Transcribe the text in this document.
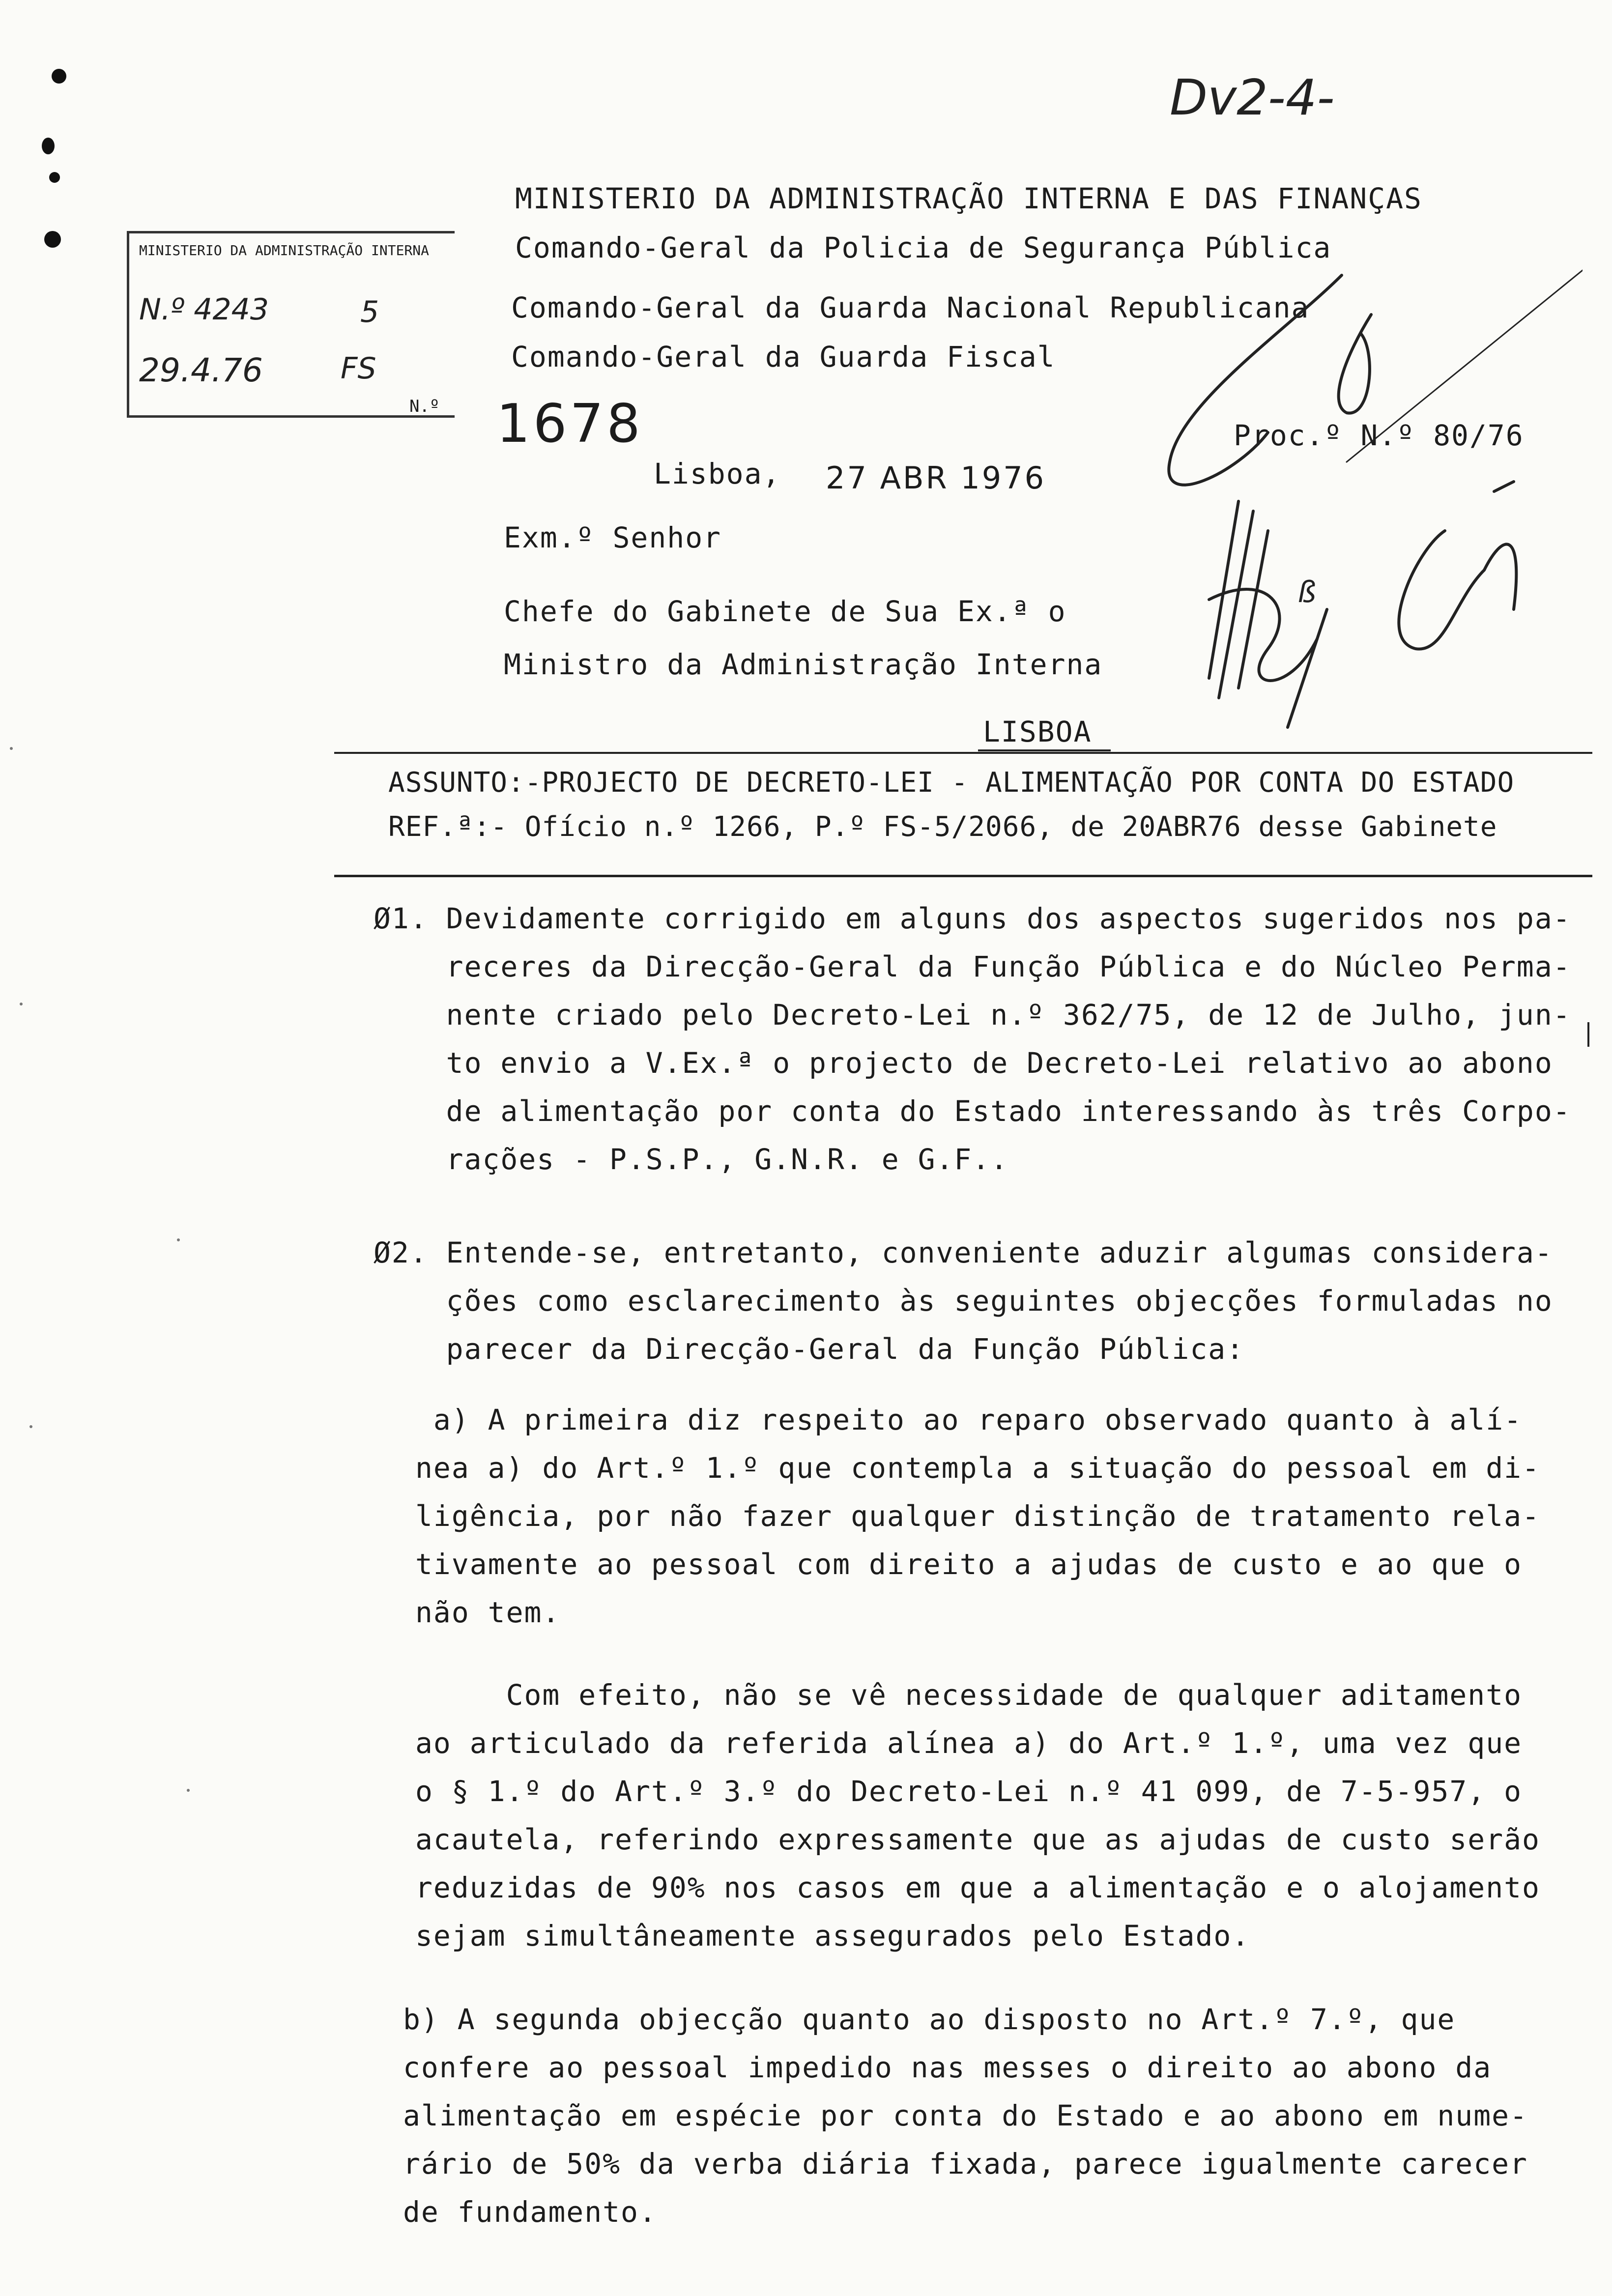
Dv2-4-
MINISTERIO DA ADMINISTRAÇÃO INTERNA E DAS FINANÇAS
Comando-Geral da Policia de Segurança Pública
Comando-Geral da Guarda Nacional Republicana
Comando-Geral da Guarda Fiscal
MINISTERIO DA ADMINISTRAÇÃO INTERNA
N.º 4243	5
29.4.76	FS
N.º 1678	Proc.º N.º 80/76
ß
Lisboa, 27 ABR 1976
Exm.º Senhor
Chefe do Gabinete de Sua Ex.ª o
Ministro da Administração Interna
LISBOA
ASSUNTO:-PROJECTO DE DECRETO-LEI - ALIMENTAÇÃO POR CONTA DO ESTADO
REF.ª:- Ofício n.º 1266, P.º FS-5/2066, de 20ABR76 desse Gabinete
Ø1. Devidamente corrigido em alguns dos aspectos sugeridos nos pa-
receres da Direcção-Geral da Função Pública e do Núcleo Perma-
nente criado pelo Decreto-Lei n.º 362/75, de 12 de Julho, jun-
to envio a V.Ex.ª o projecto de Decreto-Lei relativo ao abono
de alimentação por conta do Estado interessando às três Corpo-
rações - P.S.P., G.N.R. e G.F..
Ø2. Entende-se, entretanto, conveniente aduzir algumas considera-
ções como esclarecimento às seguintes objecções formuladas no
parecer da Direcção-Geral da Função Pública:
a) A primeira diz respeito ao reparo observado quanto à alí-
nea a) do Art.º 1.º que contempla a situação do pessoal em di-
ligência, por não fazer qualquer distinção de tratamento rela-
tivamente ao pessoal com direito a ajudas de custo e ao que o
não tem.
Com efeito, não se vê necessidade de qualquer aditamento
ao articulado da referida alínea a) do Art.º 1.º, uma vez que
o § 1.º do Art.º 3.º do Decreto-Lei n.º 41 099, de 7-5-957, o
acautela, referindo expressamente que as ajudas de custo serão
reduzidas de 90% nos casos em que a alimentação e o alojamento
sejam simultâneamente assegurados pelo Estado.
b) A segunda objecção quanto ao disposto no Art.º 7.º, que
confere ao pessoal impedido nas messes o direito ao abono da
alimentação em espécie por conta do Estado e ao abono em nume-
rário de 50% da verba diária fixada, parece igualmente carecer
de fundamento.
